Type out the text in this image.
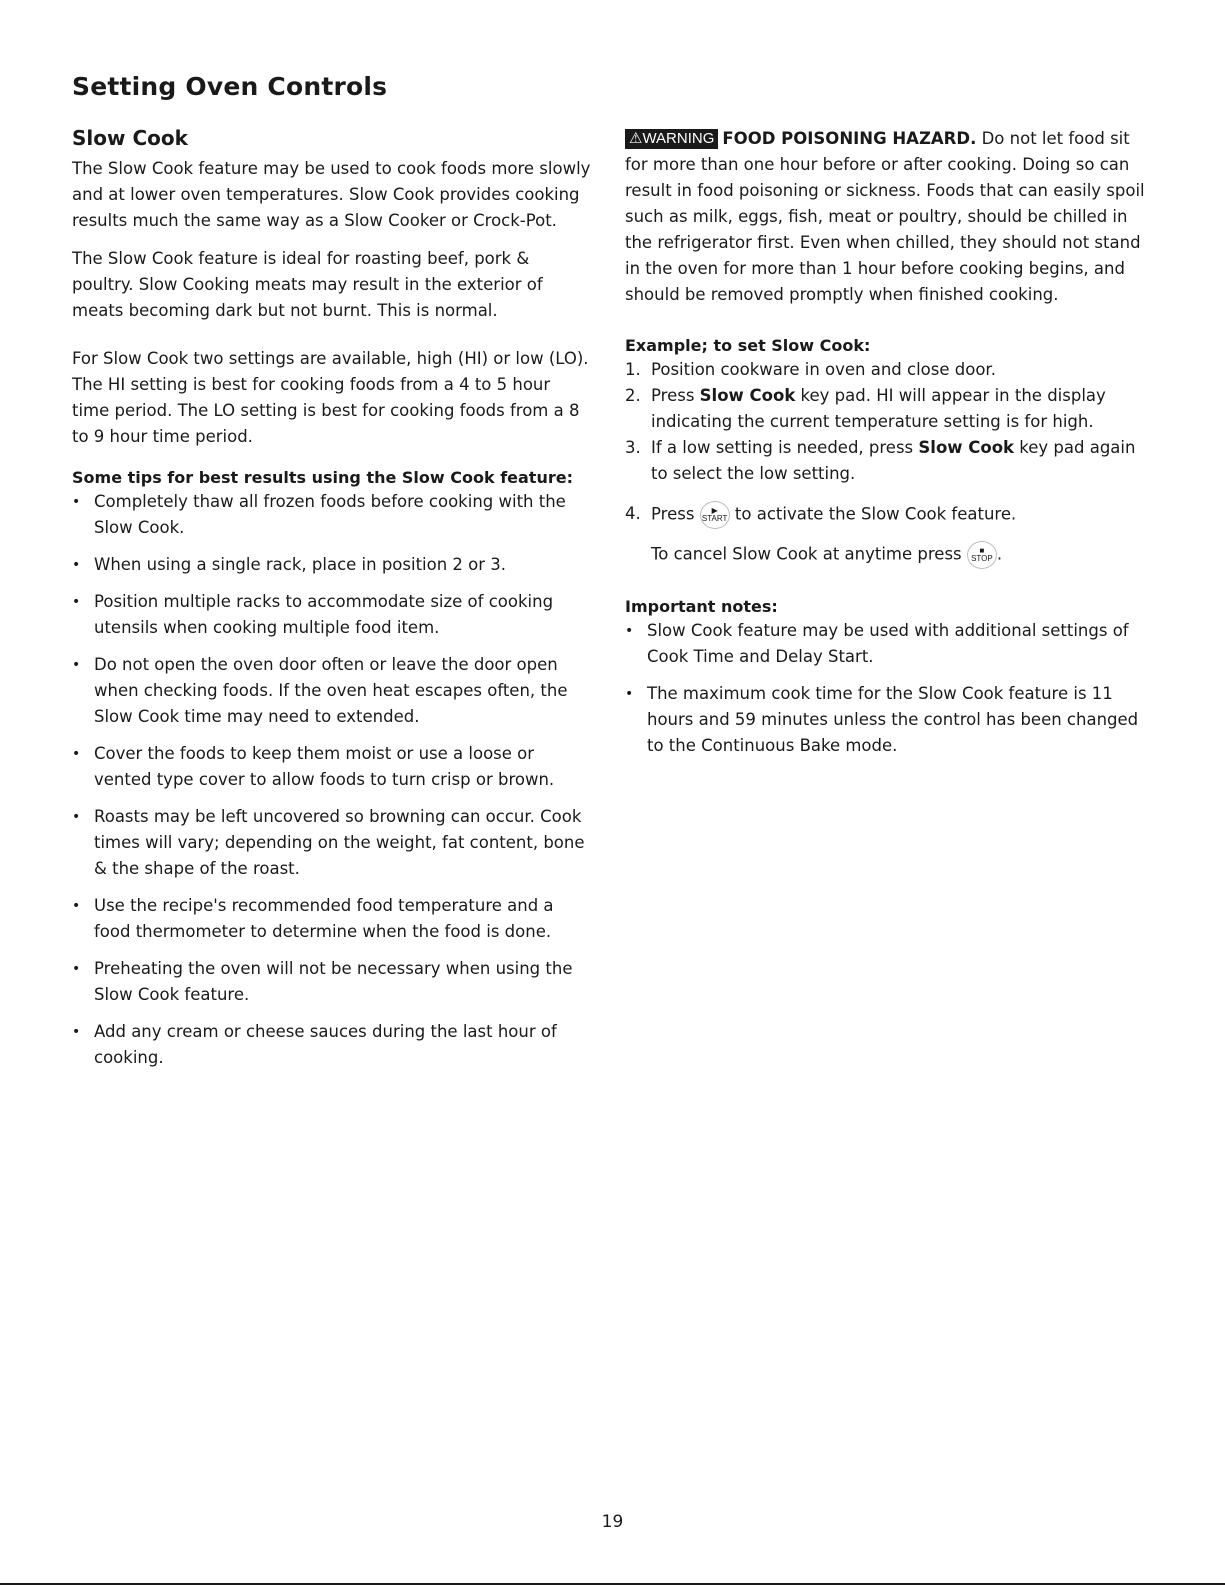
Setting Oven Controls
Slow Cook

The Slow Cook feature may be used to cook foods more slowly and at lower oven temperatures. Slow Cook provides cooking results much the same way as a Slow Cooker or Crock-Pot.

The Slow Cook feature is ideal for roasting beef, pork & poultry. Slow Cooking meats may result in the exterior of meats becoming dark but not burnt. This is normal.

For Slow Cook two settings are available, high (HI) or low (LO). The HI setting is best for cooking foods from a 4 to 5 hour time period. The LO setting is best for cooking foods from a 8 to 9 hour time period.

Some tips for best results using the Slow Cook feature:
• Completely thaw all frozen foods before cooking with the Slow Cook.
• When using a single rack, place in position 2 or 3.
• Position multiple racks to accommodate size of cooking utensils when cooking multiple food item.
• Do not open the oven door often or leave the door open when checking foods. If the oven heat escapes often, the Slow Cook time may need to extended.
• Cover the foods to keep them moist or use a loose or vented type cover to allow foods to turn crisp or brown.
• Roasts may be left uncovered so browning can occur. Cook times will vary; depending on the weight, fat content, bone & the shape of the roast.
• Use the recipe's recommended food temperature and a food thermometer to determine when the food is done.
• Preheating the oven will not be necessary when using the Slow Cook feature.
• Add any cream or cheese sauces during the last hour of cooking.

⚠WARNING FOOD POISONING HAZARD. Do not let food sit for more than one hour before or after cooking. Doing so can result in food poisoning or sickness. Foods that can easily spoil such as milk, eggs, fish, meat or poultry, should be chilled in the refrigerator first. Even when chilled, they should not stand in the oven for more than 1 hour before cooking begins, and should be removed promptly when finished cooking.

Example; to set Slow Cook:
1. Position cookware in oven and close door.
2. Press Slow Cook key pad. HI will appear in the display indicating the current temperature setting is for high.
3. If a low setting is needed, press Slow Cook key pad again to select the low setting.
4. Press	▶
START to activate the Slow Cook feature.

To cancel Slow Cook at anytime press	■
STOP .

Important notes:
• Slow Cook feature may be used with additional settings of Cook Time and Delay Start.
• The maximum cook time for the Slow Cook feature is 11 hours and 59 minutes unless the control has been changed to the Continuous Bake mode.
19
